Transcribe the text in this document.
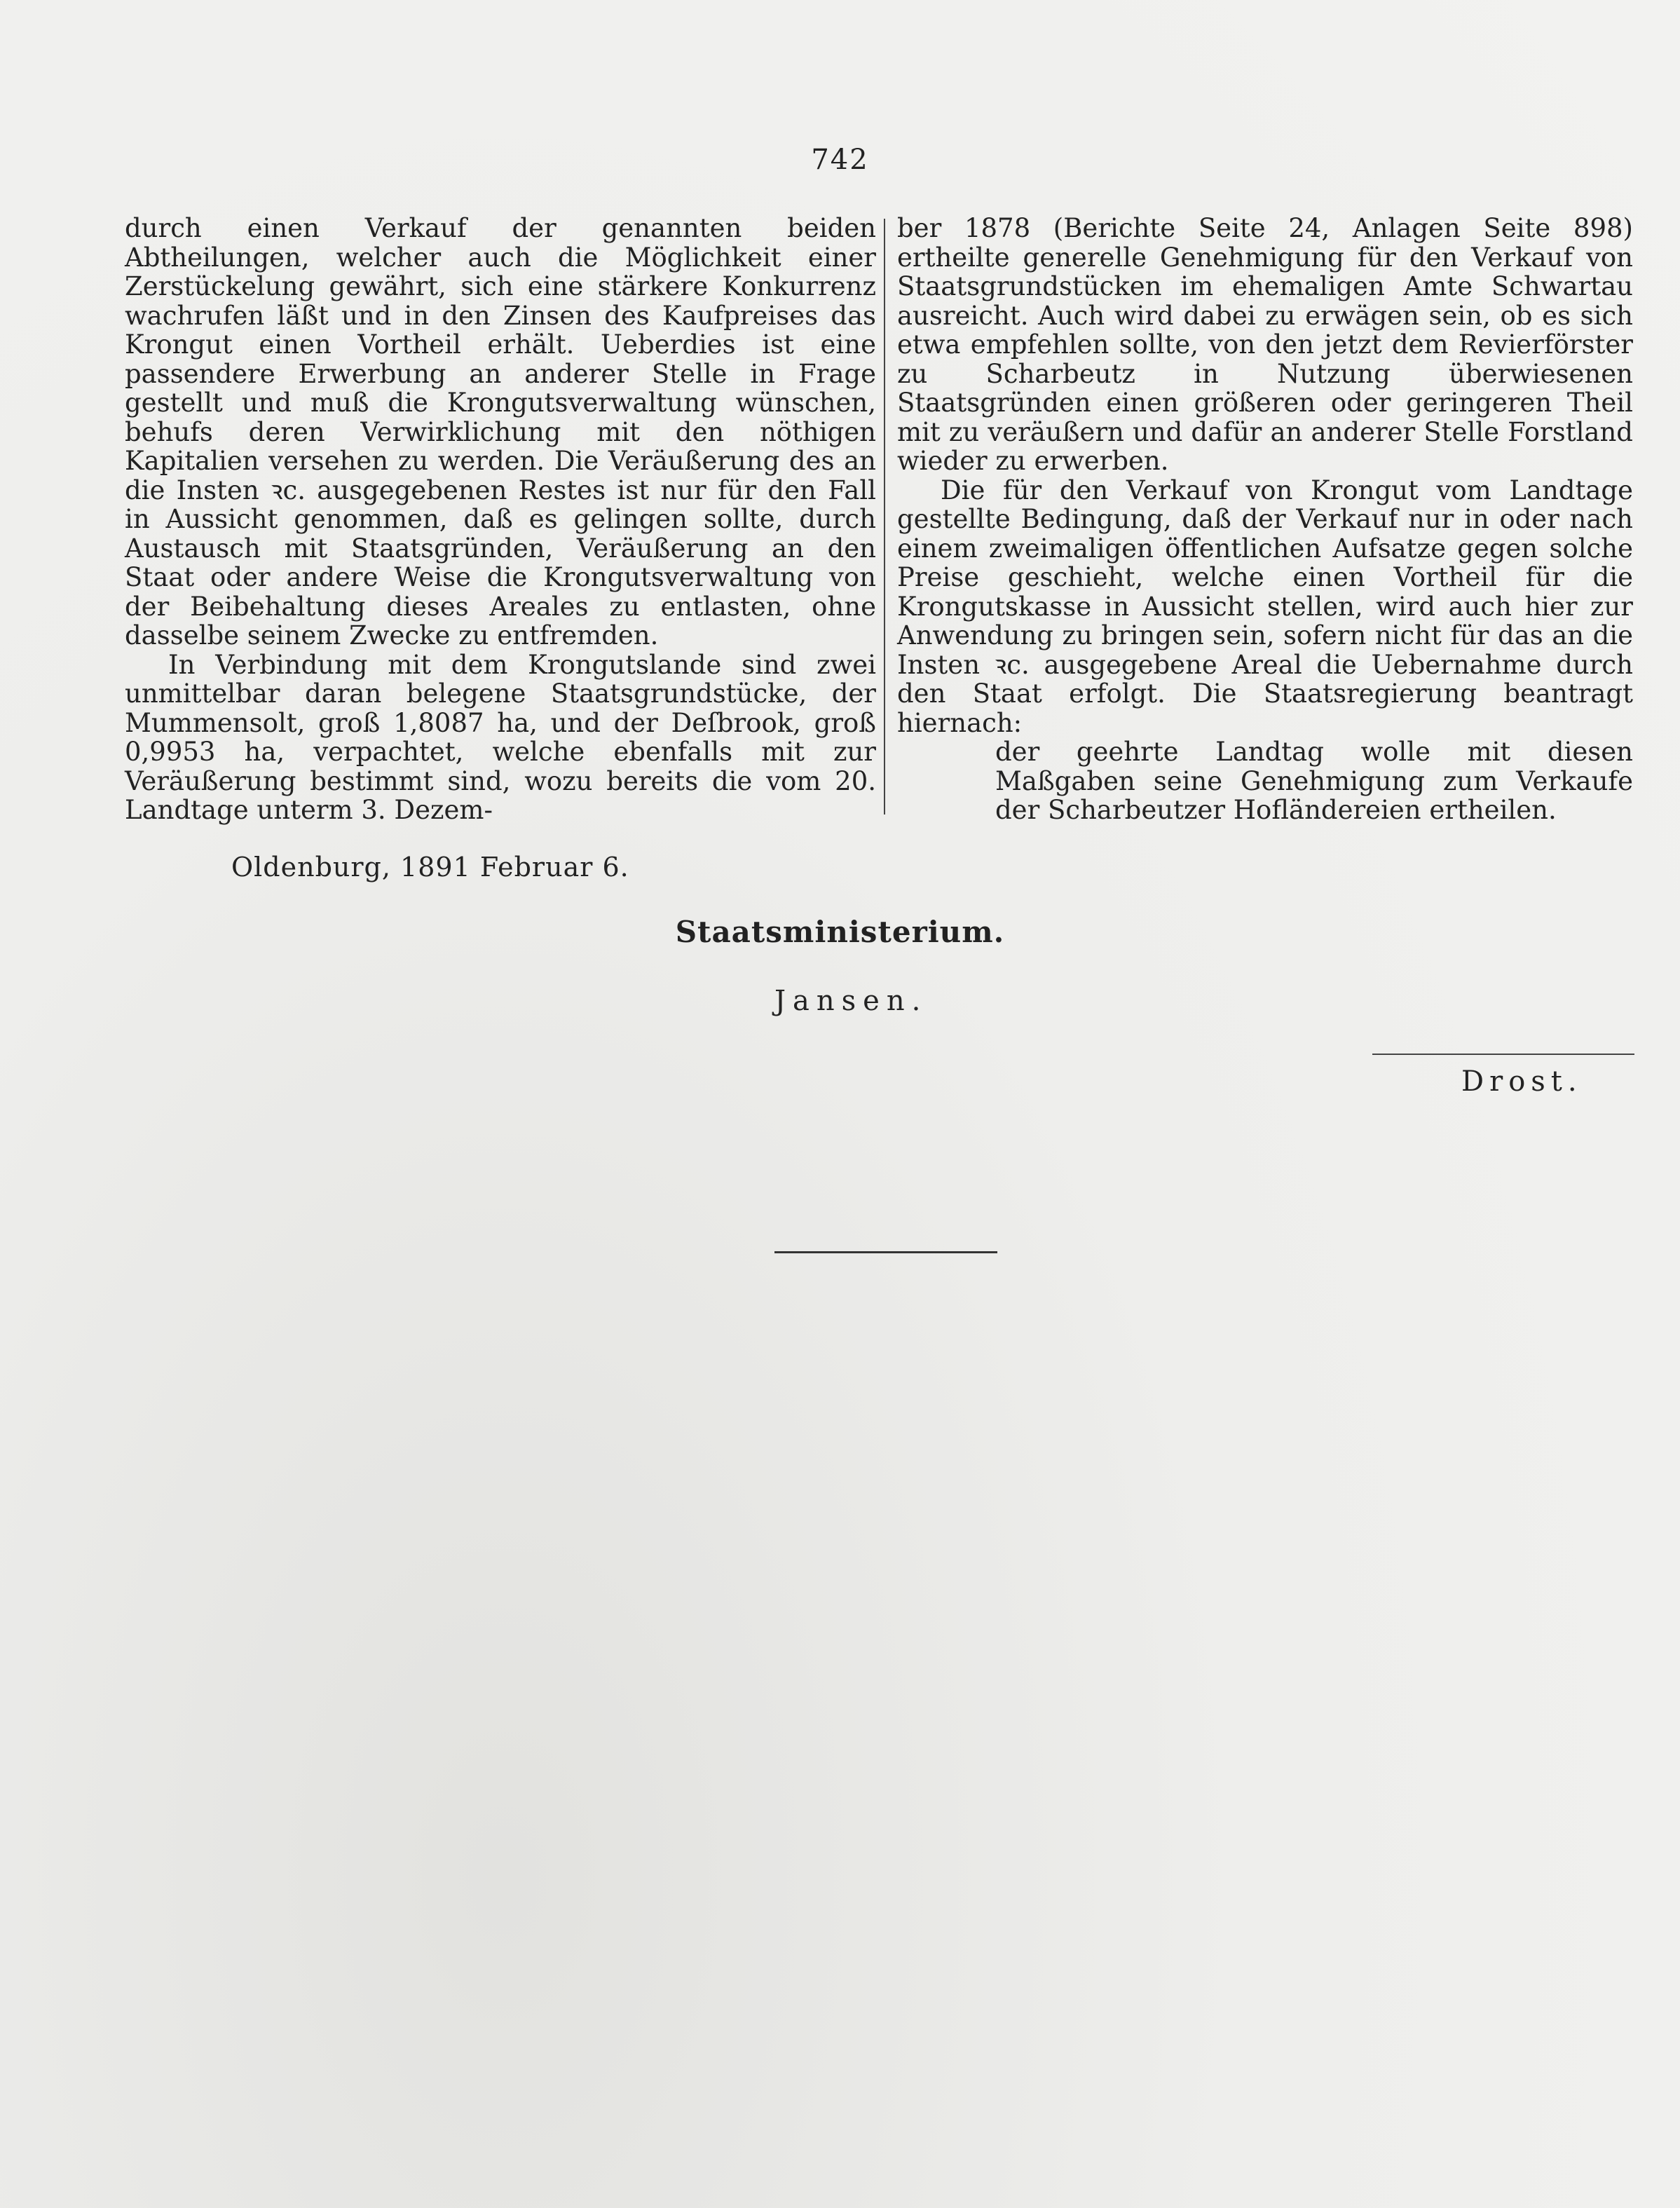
742

durch einen Verkauf der genannten beiden Abtheilungen, welcher auch die Möglichkeit einer Zerstückelung gewährt, sich eine stärkere Konkurrenz wachrufen läßt und in den Zinsen des Kaufpreises das Krongut einen Vortheil erhält. Ueberdies ist eine passendere Erwerbung an anderer Stelle in Frage gestellt und muß die Krongutsverwaltung wünschen, behufs deren Verwirklichung mit den nöthigen Kapitalien versehen zu werden. Die Veräußerung des an die Insten ꝛc. ausgegebenen Restes ist nur für den Fall in Aussicht genommen, daß es gelingen sollte, durch Austausch mit Staatsgründen, Veräußerung an den Staat oder andere Weise die Krongutsverwaltung von der Beibehaltung dieses Areales zu entlasten, ohne dasselbe seinem Zwecke zu entfremden.

In Verbindung mit dem Krongutslande sind zwei unmittelbar daran belegene Staatsgrundstücke, der Mummensolt, groß 1,8087 ha, und der Deſbrook, groß 0,9953 ha, verpachtet, welche ebenfalls mit zur Veräußerung bestimmt sind, wozu bereits die vom 20. Landtage unterm 3. Dezem-

ber 1878 (Berichte Seite 24, Anlagen Seite 898) ertheilte generelle Genehmigung für den Verkauf von Staatsgrundstücken im ehemaligen Amte Schwartau ausreicht. Auch wird dabei zu erwägen sein, ob es sich etwa empfehlen sollte, von den jetzt dem Revierförster zu Scharbeutz in Nutzung überwiesenen Staatsgründen einen größeren oder geringeren Theil mit zu veräußern und dafür an anderer Stelle Forstland wieder zu erwerben.

Die für den Verkauf von Krongut vom Landtage gestellte Bedingung, daß der Verkauf nur in oder nach einem zweimaligen öffentlichen Aufsatze gegen solche Preise geschieht, welche einen Vortheil für die Krongutskasse in Aussicht stellen, wird auch hier zur Anwendung zu bringen sein, sofern nicht für das an die Insten ꝛc. ausgegebene Areal die Uebernahme durch den Staat erfolgt. Die Staatsregierung beantragt hiernach:

der geehrte Landtag wolle mit diesen Maßgaben seine Genehmigung zum Verkaufe der Scharbeutzer Hofländereien ertheilen.

Oldenburg, 1891 Februar 6.
Staatsministerium.
Jansen.
Drost.
